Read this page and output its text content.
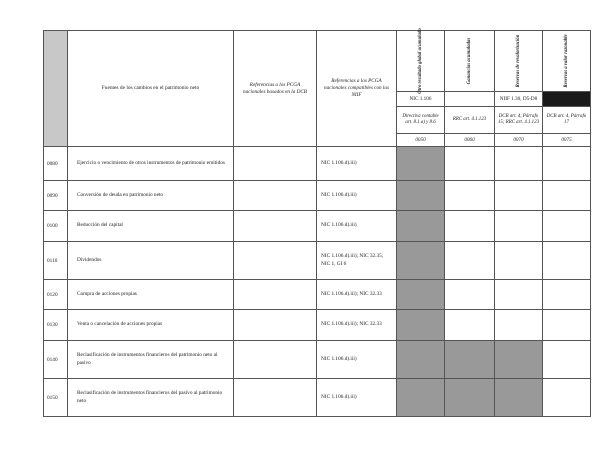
	Fuentes de los cambios en el patrimonio neto	Referencias a los PCGA nacionales basados en la DCB	Referencias a los PCGA nacionales compatibles con las NIIF	Otro resultado global acumulado	Ganancias acumuladas	Reservas de revalorización	Reservas a valor razonable

				NIC 1.106		NIIF 1.30, D5-D8	
				Directiva contable art. 8.1.a) y 8.6	RRC art. 4.1.123	DCB art. 4, Párrafo 15; RRC art. 4.1.123	DCB art. 4, Párrafo 17
				0050	0060	0070	0075
0080	Ejercicio o vencimiento de otros instrumentos de patrimonio emitidos		NIC 1.106.d).iii)				
0090	Conversión de deuda en patrimonio neto		NIC 1.106.d).iii)				
0100	Reducción del capital		NIC 1.106.d).iii)				
0110	Dividendos		NIC 1.106.d).iii); NIC 32.35; NIC 1, GI 6				
0120	Compra de acciones propias		NIC 1.106.d).iii); NIC 32.33				
0130	Venta o cancelación de acciones propias		NIC 1.106.d).iii); NIC 32.33				
0140	Reclasificación de instrumentos financieros del patrimonio neto al pasivo		NIC 1.106.d).iii)				
0150	Reclasificación de instrumentos financieros del pasivo al patrimonio neto		NIC 1.106.d).iii)				
